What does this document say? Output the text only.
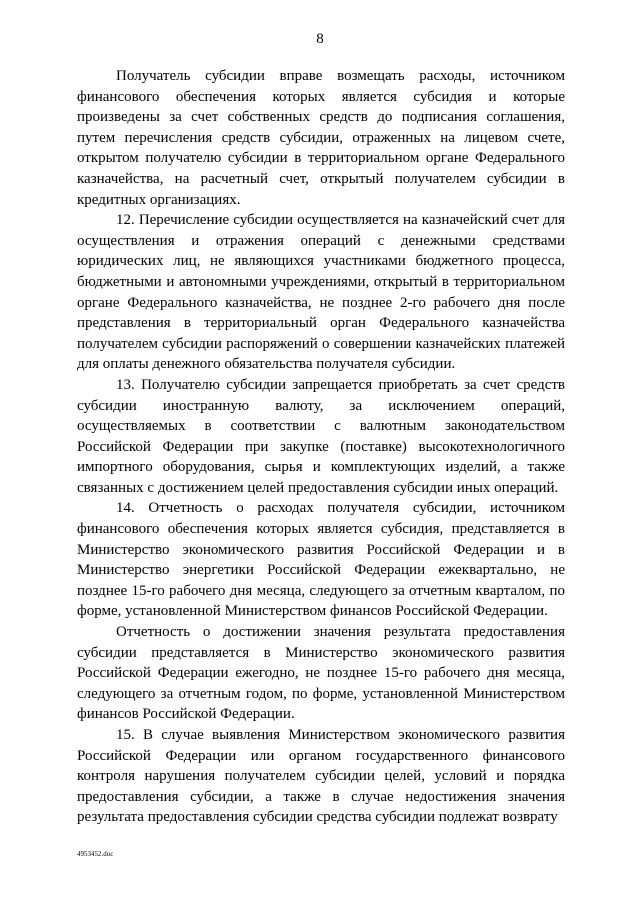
8

Получатель субсидии вправе возмещать расходы, источником финансового обеспечения которых является субсидия и которые произведены за счет собственных средств до подписания соглашения, путем перечисления средств субсидии, отраженных на лицевом счете, открытом получателю субсидии в территориальном органе Федерального казначейства, на расчетный счет, открытый получателем субсидии в кредитных организациях.

12. Перечисление субсидии осуществляется на казначейский счет для осуществления и отражения операций с денежными средствами юридических лиц, не являющихся участниками бюджетного процесса, бюджетными и автономными учреждениями, открытый в территориальном органе Федерального казначейства, не позднее 2-го рабочего дня после представления в территориальный орган Федерального казначейства получателем субсидии распоряжений о совершении казначейских платежей для оплаты денежного обязательства получателя субсидии.

13. Получателю субсидии запрещается приобретать за счет средств субсидии иностранную валюту, за исключением операций, осуществляемых в соответствии с валютным законодательством Российской Федерации при закупке (поставке) высокотехнологичного импортного оборудования, сырья и комплектующих изделий, а также связанных с достижением целей предоставления субсидии иных операций.

14. Отчетность о расходах получателя субсидии, источником финансового обеспечения которых является субсидия, представляется в Министерство экономического развития Российской Федерации и в Министерство энергетики Российской Федерации ежеквартально, не позднее 15-го рабочего дня месяца, следующего за отчетным кварталом, по форме, установленной Министерством финансов Российской Федерации.

Отчетность о достижении значения результата предоставления субсидии представляется в Министерство экономического развития Российской Федерации ежегодно, не позднее 15-го рабочего дня месяца, следующего за отчетным годом, по форме, установленной Министерством финансов Российской Федерации.

15. В случае выявления Министерством экономического развития Российской Федерации или органом государственного финансового контроля нарушения получателем субсидии целей, условий и порядка предоставления субсидии, а также в случае недостижения значения результата предоставления субсидии средства субсидии подлежат возврату

4953452.doc
